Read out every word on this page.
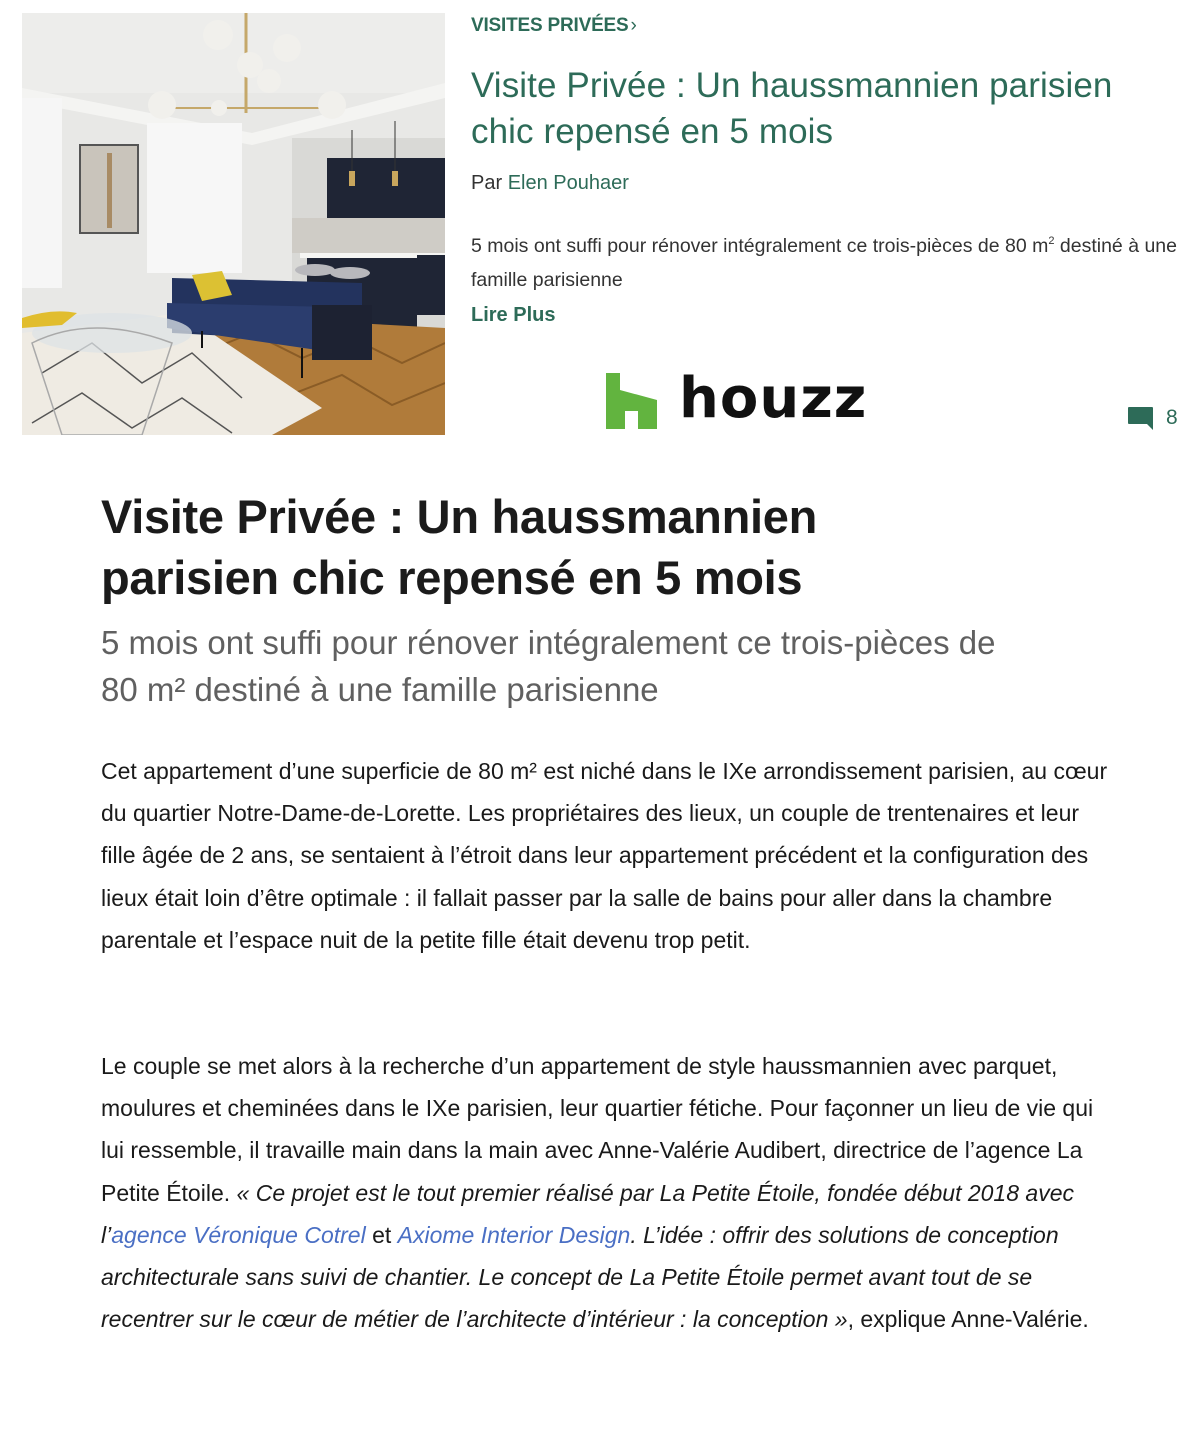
VISITES PRIVÉES ›
Visite Privée : Un haussmannien parisien chic repensé en 5 mois
Par Elen Pouhaer

5 mois ont suffi pour rénover intégralement ce trois-pièces de 80 $m^2$ destiné à une famille parisienne

Lire Plus
houzz	8
Visite Privée : Un haussmannien parisien chic repensé en 5 mois
5 mois ont suffi pour rénover intégralement ce trois-pièces de 80 m² destiné à une famille parisienne

Cet appartement d’une superficie de 80 m² est niché dans le IXe arrondissement parisien, au cœur du quartier Notre-Dame-de-Lorette. Les propriétaires des lieux, un couple de trentenaires et leur fille âgée de 2 ans, se sentaient à l’étroit dans leur appartement précédent et la configuration des lieux était loin d’être optimale : il fallait passer par la salle de bains pour aller dans la chambre parentale et l’espace nuit de la petite fille était devenu trop petit.

Le couple se met alors à la recherche d’un appartement de style haussmannien avec parquet, moulures et cheminées dans le IXe parisien, leur quartier fétiche. Pour façonner un lieu de vie qui lui ressemble, il travaille main dans la main avec Anne-Valérie Audibert, directrice de l’agence La Petite Étoile. « Ce projet est le tout premier réalisé par La Petite Étoile, fondée début 2018 avec l’agence Véronique Cotrel et Axiome Interior Design. L’idée : offrir des solutions de conception architecturale sans suivi de chantier. Le concept de La Petite Étoile permet avant tout de se recentrer sur le cœur de métier de l’architecte d’intérieur : la conception », explique Anne-Valérie.
